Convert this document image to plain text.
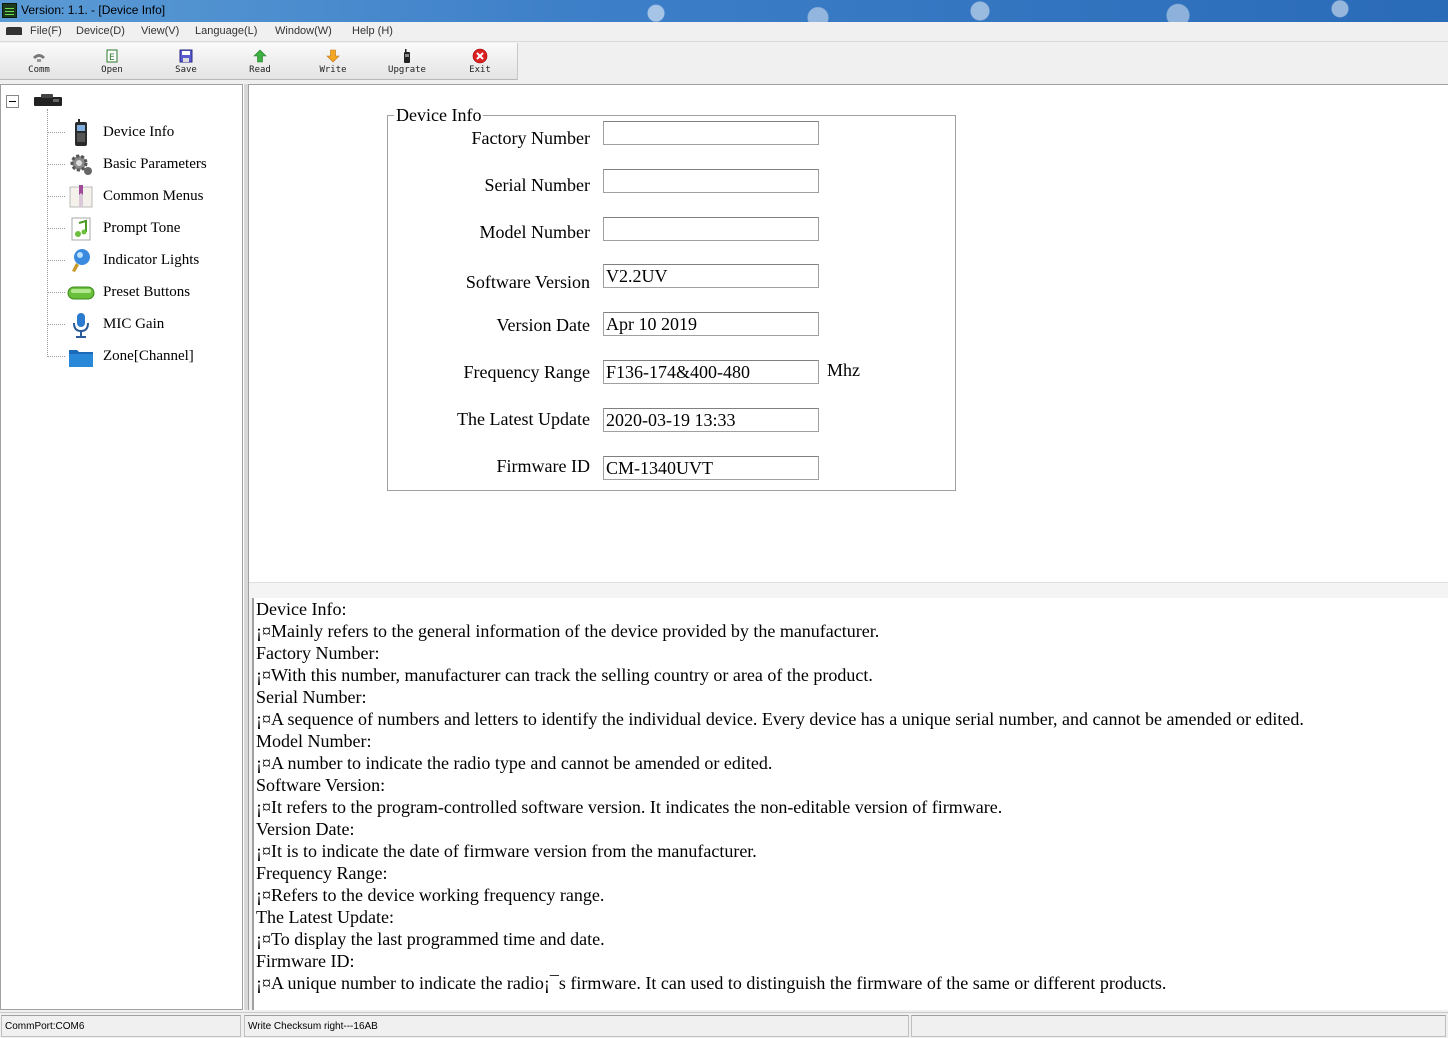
Version: 1.1. - [Device Info]
File(F) Device(D) View(V) Language(L) Window(W) Help (H)
Comm
E
Open	Save	Read	Write	Upgrate	Exit
Device Info
Basic Parameters
Common Menus
Prompt Tone
Indicator Lights
Preset Buttons
MIC Gain
Zone[Channel]
Device Info
Factory Number
Serial Number
Model Number
Software Version V2.2UV
Version Date Apr 10 2019
Frequency Range F136-174&400-480	Mhz
The Latest Update 2020-03-19 13:33
Firmware ID CM-1340UVT
Device Info:
¡¤Mainly refers to the general information of the device provided by the manufacturer.
Factory Number:
¡¤With this number, manufacturer can track the selling country or area of the product.
Serial Number:
¡¤A sequence of numbers and letters to identify the individual device. Every device has a unique serial number, and cannot be amended or edited.
Model Number:
¡¤A number to indicate the radio type and cannot be amended or edited.
Software Version:
¡¤It refers to the program-controlled software version. It indicates the non-editable version of firmware.
Version Date:
¡¤It is to indicate the date of firmware version from the manufacturer.
Frequency Range:
¡¤Refers to the device working frequency range.
The Latest Update:
¡¤To display the last programmed time and date.
Firmware ID:
¡¤A unique number to indicate the radio¡¯s firmware. It can used to distinguish the firmware of the same or different products.
CommPort:COM6	Write Checksum right---16AB
